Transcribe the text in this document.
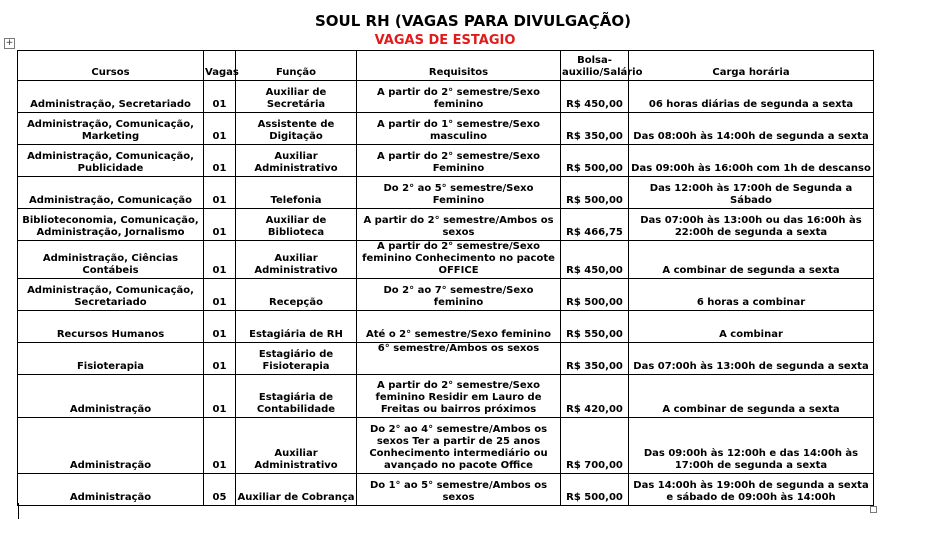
SOUL RH (VAGAS PARA DIVULGAÇÃO)
VAGAS DE ESTAGIO
+
Cursos	Vagas	Função	Requisitos	Bolsa-auxilio/Salário	Carga horária
Administração, Secretariado	01	Auxiliar de Secretária	A partir do 2° semestre/Sexo feminino	R$ 450,00	06 horas diárias de segunda a sexta
Administração, Comunicação, Marketing	01	Assistente de Digitação	A partir do 1° semestre/Sexo masculino	R$ 350,00	Das 08:00h às 14:00h de segunda a sexta
Administração, Comunicação, Publicidade	01	Auxiliar Administrativo	A partir do 2° semestre/Sexo Feminino	R$ 500,00	Das 09:00h às 16:00h com 1h de descanso
Administração, Comunicação	01	Telefonia	Do 2° ao 5° semestre/Sexo Feminino	R$ 500,00	Das 12:00h às 17:00h de Segunda a Sábado
Biblioteconomia, Comunicação, Administração, Jornalismo	01	Auxiliar de Biblioteca	A partir do 2° semestre/Ambos os sexos	R$ 466,75	Das 07:00h às 13:00h ou das 16:00h às 22:00h de segunda a sexta
Administração, Ciências Contábeis	01	Auxiliar Administrativo	A partir do 2° semestre/Sexo feminino Conhecimento no pacote OFFICE	R$ 450,00	A combinar de segunda a sexta
Administração, Comunicação, Secretariado	01	Recepção	Do 2° ao 7° semestre/Sexo feminino	R$ 500,00	6 horas a combinar
Recursos Humanos	01	Estagiária de RH	Até o 2° semestre/Sexo feminino	R$ 550,00	A combinar
Fisioterapia	01	Estagiário de Fisioterapia	6° semestre/Ambos os sexos	R$ 350,00	Das 07:00h às 13:00h de segunda a sexta
Administração	01	Estagiária de Contabilidade	A partir do 2° semestre/Sexo feminino Residir em Lauro de Freitas ou bairros próximos	R$ 420,00	A combinar de segunda a sexta
Administração	01	Auxiliar Administrativo	Do 2° ao 4° semestre/Ambos os sexos Ter a partir de 25 anos Conhecimento intermediário ou avançado no pacote Office	R$ 700,00	Das 09:00h às 12:00h e das 14:00h às 17:00h de segunda a sexta
Administração	05	Auxiliar de Cobrança	Do 1° ao 5° semestre/Ambos os sexos	R$ 500,00	Das 14:00h às 19:00h de segunda a sexta e sábado de 09:00h às 14:00h
